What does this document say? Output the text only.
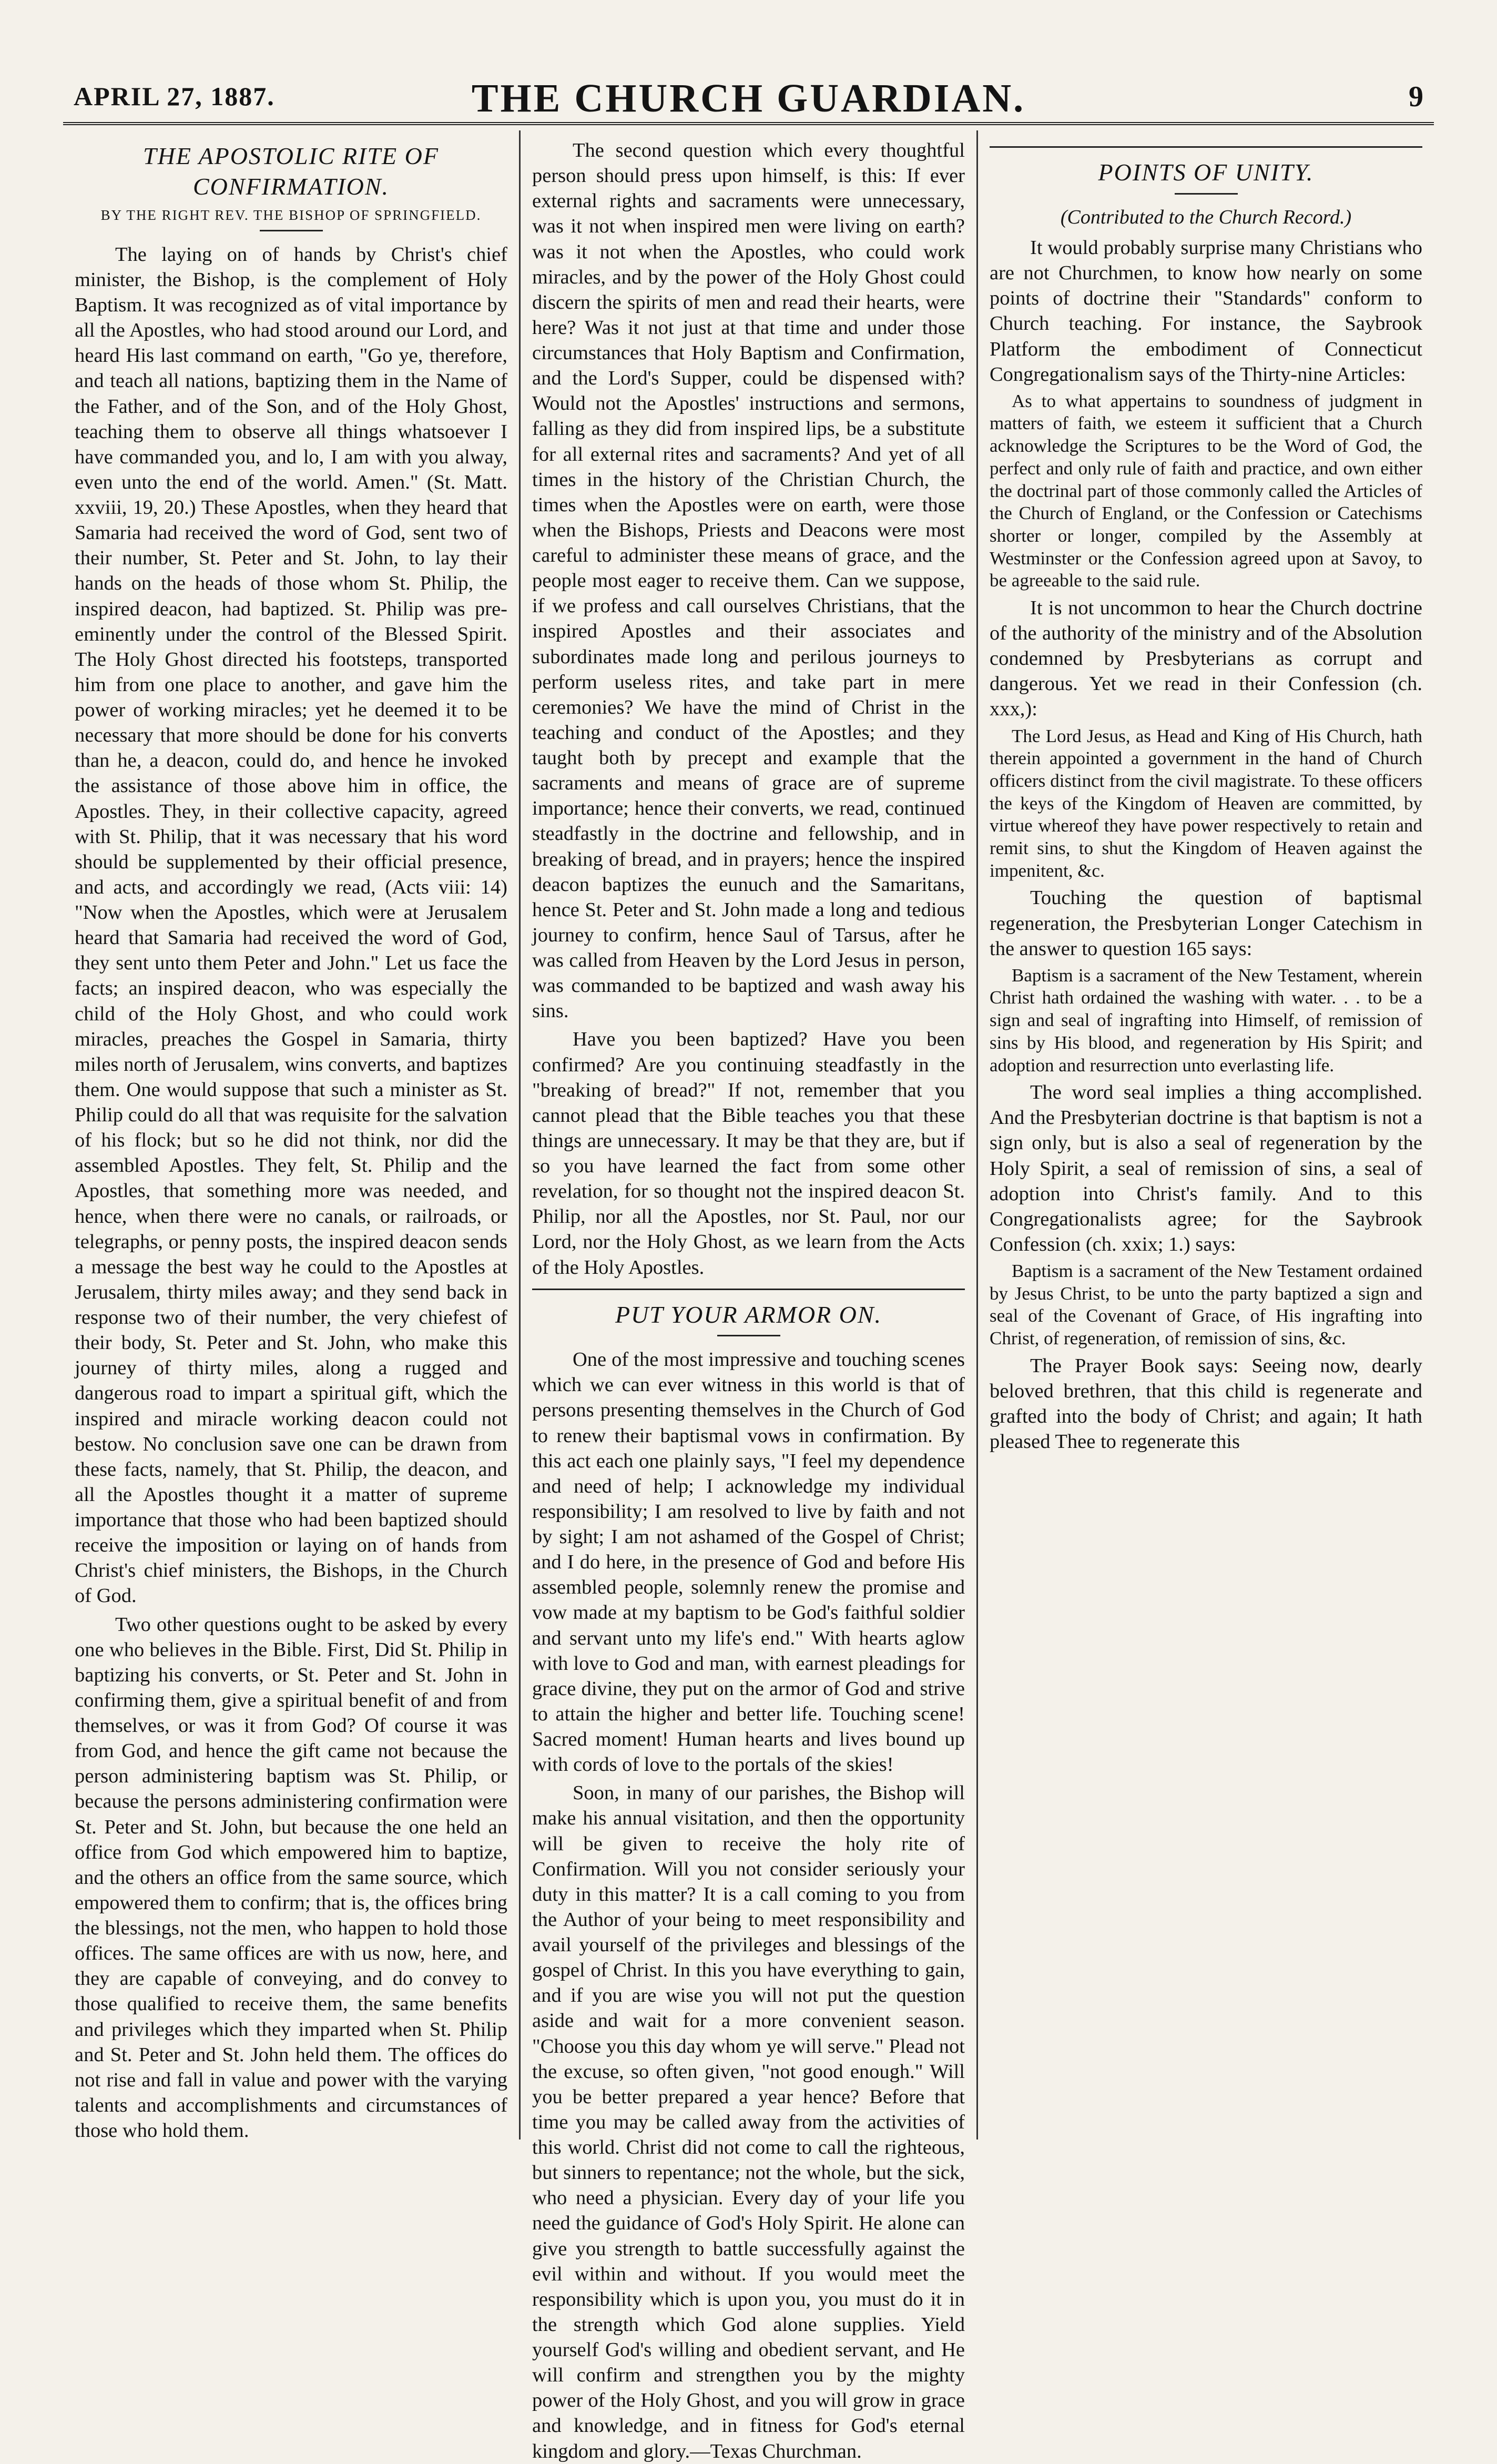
APRIL 27, 1887.	THE CHURCH GUARDIAN.	9
THE APOSTOLIC RITE OF CONFIRMATION.
BY THE RIGHT REV. THE BISHOP OF SPRINGFIELD.

The laying on of hands by Christ's chief minister, the Bishop, is the complement of Holy Baptism. It was recognized as of vital importance by all the Apostles, who had stood around our Lord, and heard His last command on earth, "Go ye, therefore, and teach all nations, baptizing them in the Name of the Father, and of the Son, and of the Holy Ghost, teaching them to observe all things whatsoever I have commanded you, and lo, I am with you alway, even unto the end of the world. Amen." (St. Matt. xxviii, 19, 20.) These Apostles, when they heard that Samaria had received the word of God, sent two of their number, St. Peter and St. John, to lay their hands on the heads of those whom St. Philip, the inspired deacon, had baptized. St. Philip was pre-eminently under the control of the Blessed Spirit. The Holy Ghost directed his footsteps, transported him from one place to another, and gave him the power of working miracles; yet he deemed it to be necessary that more should be done for his converts than he, a deacon, could do, and hence he invoked the assistance of those above him in office, the Apostles. They, in their collective capacity, agreed with St. Philip, that it was necessary that his word should be supplemented by their official presence, and acts, and accordingly we read, (Acts viii: 14) "Now when the Apostles, which were at Jerusalem heard that Samaria had received the word of God, they sent unto them Peter and John." Let us face the facts; an inspired deacon, who was especially the child of the Holy Ghost, and who could work miracles, preaches the Gospel in Samaria, thirty miles north of Jerusalem, wins converts, and baptizes them. One would suppose that such a minister as St. Philip could do all that was requisite for the salvation of his flock; but so he did not think, nor did the assembled Apostles. They felt, St. Philip and the Apostles, that something more was needed, and hence, when there were no canals, or railroads, or telegraphs, or penny posts, the inspired deacon sends a message the best way he could to the Apostles at Jerusalem, thirty miles away; and they send back in response two of their number, the very chiefest of their body, St. Peter and St. John, who make this journey of thirty miles, along a rugged and dangerous road to impart a spiritual gift, which the inspired and miracle working deacon could not bestow. No conclusion save one can be drawn from these facts, namely, that St. Philip, the deacon, and all the Apostles thought it a matter of supreme importance that those who had been baptized should receive the imposition or laying on of hands from Christ's chief ministers, the Bishops, in the Church of God.

Two other questions ought to be asked by every one who believes in the Bible. First, Did St. Philip in baptizing his converts, or St. Peter and St. John in confirming them, give a spiritual benefit of and from themselves, or was it from God? Of course it was from God, and hence the gift came not because the person administering baptism was St. Philip, or because the persons administering confirmation were St. Peter and St. John, but because the one held an office from God which empowered him to baptize, and the others an office from the same source, which empowered them to confirm; that is, the offices bring the blessings, not the men, who happen to hold those offices. The same offices are with us now, here, and they are capable of conveying, and do convey to those qualified to receive them, the same benefits and privileges which they imparted when St. Philip and St. Peter and St. John held them. The offices do not rise and fall in value and power with the varying talents and accomplishments and circumstances of those who hold them.

The second question which every thoughtful person should press upon himself, is this: If ever external rights and sacraments were unnecessary, was it not when inspired men were living on earth? was it not when the Apostles, who could work miracles, and by the power of the Holy Ghost could discern the spirits of men and read their hearts, were here? Was it not just at that time and under those circumstances that Holy Baptism and Confirmation, and the Lord's Supper, could be dispensed with? Would not the Apostles' instructions and sermons, falling as they did from inspired lips, be a substitute for all external rites and sacraments? And yet of all times in the history of the Christian Church, the times when the Apostles were on earth, were those when the Bishops, Priests and Deacons were most careful to administer these means of grace, and the people most eager to receive them. Can we suppose, if we profess and call ourselves Christians, that the inspired Apostles and their associates and subordinates made long and perilous journeys to perform useless rites, and take part in mere ceremonies? We have the mind of Christ in the teaching and conduct of the Apostles; and they taught both by precept and example that the sacraments and means of grace are of supreme importance; hence their converts, we read, continued steadfastly in the doctrine and fellowship, and in breaking of bread, and in prayers; hence the inspired deacon baptizes the eunuch and the Samaritans, hence St. Peter and St. John made a long and tedious journey to confirm, hence Saul of Tarsus, after he was called from Heaven by the Lord Jesus in person, was commanded to be baptized and wash away his sins.

Have you been baptized? Have you been confirmed? Are you continuing steadfastly in the "breaking of bread?" If not, remember that you cannot plead that the Bible teaches you that these things are unnecessary. It may be that they are, but if so you have learned the fact from some other revelation, for so thought not the inspired deacon St. Philip, nor all the Apostles, nor St. Paul, nor our Lord, nor the Holy Ghost, as we learn from the Acts of the Holy Apostles.

PUT YOUR ARMOR ON.

One of the most impressive and touching scenes which we can ever witness in this world is that of persons presenting themselves in the Church of God to renew their baptismal vows in confirmation. By this act each one plainly says, "I feel my dependence and need of help; I acknowledge my individual responsibility; I am resolved to live by faith and not by sight; I am not ashamed of the Gospel of Christ; and I do here, in the presence of God and before His assembled people, solemnly renew the promise and vow made at my baptism to be God's faithful soldier and servant unto my life's end." With hearts aglow with love to God and man, with earnest pleadings for grace divine, they put on the armor of God and strive to attain the higher and better life. Touching scene! Sacred moment! Human hearts and lives bound up with cords of love to the portals of the skies!

Soon, in many of our parishes, the Bishop will make his annual visitation, and then the opportunity will be given to receive the holy rite of Confirmation. Will you not consider seriously your duty in this matter? It is a call coming to you from the Author of your being to meet responsibility and avail yourself of the privileges and blessings of the gospel of Christ. In this you have everything to gain, and if you are wise you will not put the question aside and wait for a more convenient season. "Choose you this day whom ye will serve." Plead not the excuse, so often given, "not good enough." Will you be better prepared a year hence? Before that time you may be called away from the activities of this world. Christ did not come to call the righteous, but sinners to repentance; not the whole, but the sick, who need a physician. Every day of your life you need the guidance of God's Holy Spirit. He alone can give you strength to battle successfully against the evil within and without. If you would meet the responsibility which is upon you, you must do it in the strength which God alone supplies. Yield yourself God's willing and obedient servant, and He will confirm and strengthen you by the mighty power of the Holy Ghost, and you will grow in grace and knowledge, and in fitness for God's eternal kingdom and glory.—Texas Churchman.

POINTS OF UNITY.
(Contributed to the Church Record.)

It would probably surprise many Christians who are not Churchmen, to know how nearly on some points of doctrine their "Standards" conform to Church teaching. For instance, the Saybrook Platform the embodiment of Connecticut Congregationalism says of the Thirty-nine Articles:

As to what appertains to soundness of judgment in matters of faith, we esteem it sufficient that a Church acknowledge the Scriptures to be the Word of God, the perfect and only rule of faith and practice, and own either the doctrinal part of those commonly called the Articles of the Church of England, or the Confession or Catechisms shorter or longer, compiled by the Assembly at Westminster or the Confession agreed upon at Savoy, to be agreeable to the said rule.

It is not uncommon to hear the Church doctrine of the authority of the ministry and of the Absolution condemned by Presbyterians as corrupt and dangerous. Yet we read in their Confession (ch. xxx,):

The Lord Jesus, as Head and King of His Church, hath therein appointed a government in the hand of Church officers distinct from the civil magistrate. To these officers the keys of the Kingdom of Heaven are committed, by virtue whereof they have power respectively to retain and remit sins, to shut the Kingdom of Heaven against the impenitent, &c.

Touching the question of baptismal regeneration, the Presbyterian Longer Catechism in the answer to question 165 says:

Baptism is a sacrament of the New Testament, wherein Christ hath ordained the washing with water. . . to be a sign and seal of ingrafting into Himself, of remission of sins by His blood, and regeneration by His Spirit; and adoption and resurrection unto everlasting life.

The word seal implies a thing accomplished. And the Presbyterian doctrine is that baptism is not a sign only, but is also a seal of regeneration by the Holy Spirit, a seal of remission of sins, a seal of adoption into Christ's family. And to this Congregationalists agree; for the Saybrook Confession (ch. xxix; 1.) says:

Baptism is a sacrament of the New Testament ordained by Jesus Christ, to be unto the party baptized a sign and seal of the Covenant of Grace, of His ingrafting into Christ, of regeneration, of remission of sins, &c.

The Prayer Book says: Seeing now, dearly beloved brethren, that this child is regenerate and grafted into the body of Christ; and again; It hath pleased Thee to regenerate this
